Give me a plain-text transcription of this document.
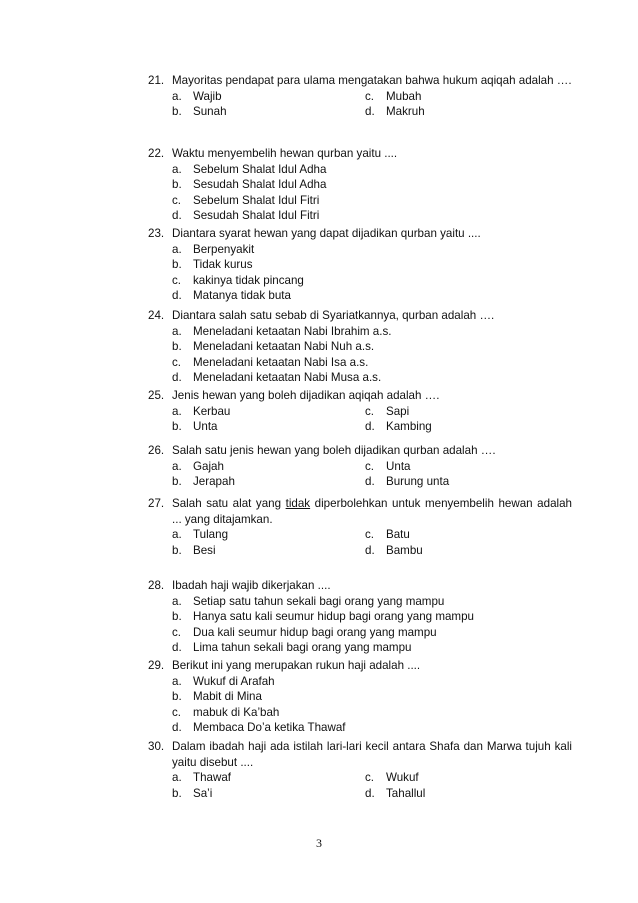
21. Mayoritas pendapat para ulama mengatakan bahwa hukum aqiqah adalah ….
a. Wajib	c.	Mubah
b. Sunah	d. Makruh
22. Waktu menyembelih hewan qurban yaitu ....
a. Sebelum Shalat Idul Adha
b. Sesudah Shalat Idul Adha
c.	Sebelum Shalat Idul Fitri
d. Sesudah Shalat Idul Fitri
23. Diantara syarat hewan yang dapat dijadikan qurban yaitu ....
a. Berpenyakit
b. Tidak kurus
c.	kakinya tidak pincang
d. Matanya tidak buta
24. Diantara salah satu sebab di Syariatkannya, qurban adalah ….
a. Meneladani ketaatan Nabi Ibrahim a.s.
b. Meneladani ketaatan Nabi Nuh a.s.
c.	Meneladani ketaatan Nabi Isa a.s.
d. Meneladani ketaatan Nabi Musa a.s.
25. Jenis hewan yang boleh dijadikan aqiqah adalah ….
a. Kerbau	c.	Sapi
b. Unta	d. Kambing
26. Salah satu jenis hewan yang boleh dijadikan qurban adalah ….
a. Gajah	c.	Unta
b. Jerapah	d. Burung unta
27. Salah satu alat yang tidak diperbolehkan untuk menyembelih hewan adalah ... yang ditajamkan.
a. Tulang	c.	Batu
b. Besi	d. Bambu
28. Ibadah haji wajib dikerjakan ....
a. Setiap satu tahun sekali bagi orang yang mampu
b. Hanya satu kali seumur hidup bagi orang yang mampu
c.	Dua kali seumur hidup bagi orang yang mampu
d. Lima tahun sekali bagi orang yang mampu
29. Berikut ini yang merupakan rukun haji adalah ....
a. Wukuf di Arafah
b. Mabit di Mina
c.	mabuk di Ka’bah
d. Membaca Do’a ketika Thawaf
30. Dalam ibadah haji ada istilah lari-lari kecil antara Shafa dan Marwa tujuh kali yaitu disebut ....
a. Thawaf	c.	Wukuf
b. Sa’i	d. Tahallul
3
